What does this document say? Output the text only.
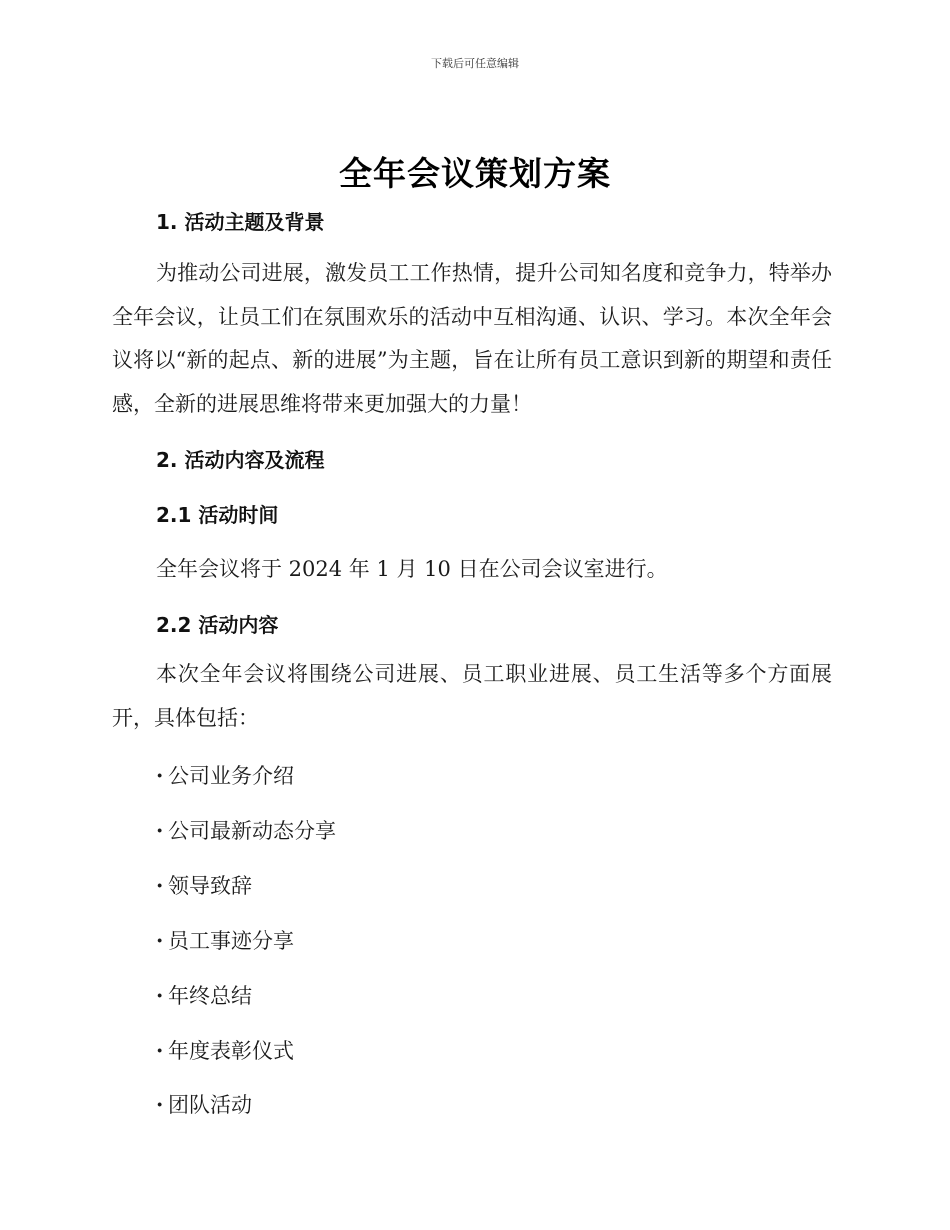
下载后可任意编辑
全年会议策划方案
1. 活动主题及背景
为推动公司进展，激发员工工作热情，提升公司知名度和竞争力，特举办全年会议，让员工们在氛围欢乐的活动中互相沟通、认识、学习。本次全年会议将以“新的起点、新的进展”为主题，旨在让所有员工意识到新的期望和责任感，全新的进展思维将带来更加强大的力量！
2. 活动内容及流程
2.1 活动时间
全年会议将于 2024 年 1 月 10 日在公司会议室进行。
2.2 活动内容
本次全年会议将围绕公司进展、员工职业进展、员工生活等多个方面展开，具体包括：
· 公司业务介绍
· 公司最新动态分享
· 领导致辞
· 员工事迹分享
· 年终总结
· 年度表彰仪式
· 团队活动
